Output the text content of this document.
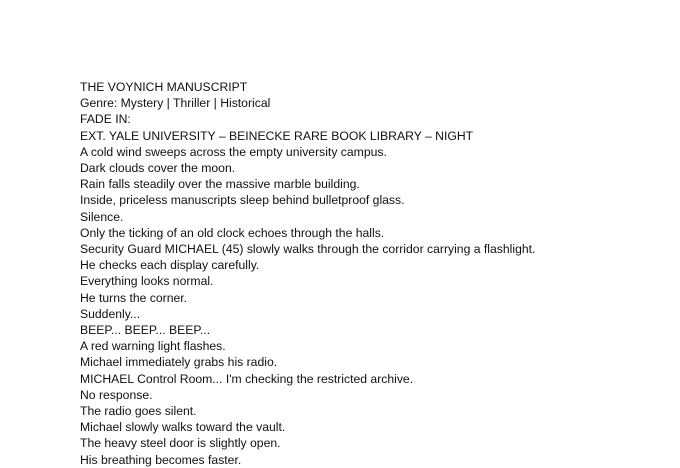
THE VOYNICH MANUSCRIPT

Genre: Mystery | Thriller | Historical

FADE IN:

EXT. YALE UNIVERSITY – BEINECKE RARE BOOK LIBRARY – NIGHT

A cold wind sweeps across the empty university campus.

Dark clouds cover the moon.

Rain falls steadily over the massive marble building.

Inside, priceless manuscripts sleep behind bulletproof glass.

Silence.

Only the ticking of an old clock echoes through the halls.

Security Guard MICHAEL (45) slowly walks through the corridor carrying a flashlight.

He checks each display carefully.

Everything looks normal.

He turns the corner.

Suddenly...

BEEP... BEEP... BEEP...

A red warning light flashes.

Michael immediately grabs his radio.

MICHAEL Control Room... I'm checking the restricted archive.

No response.

The radio goes silent.

Michael slowly walks toward the vault.

The heavy steel door is slightly open.

His breathing becomes faster.
